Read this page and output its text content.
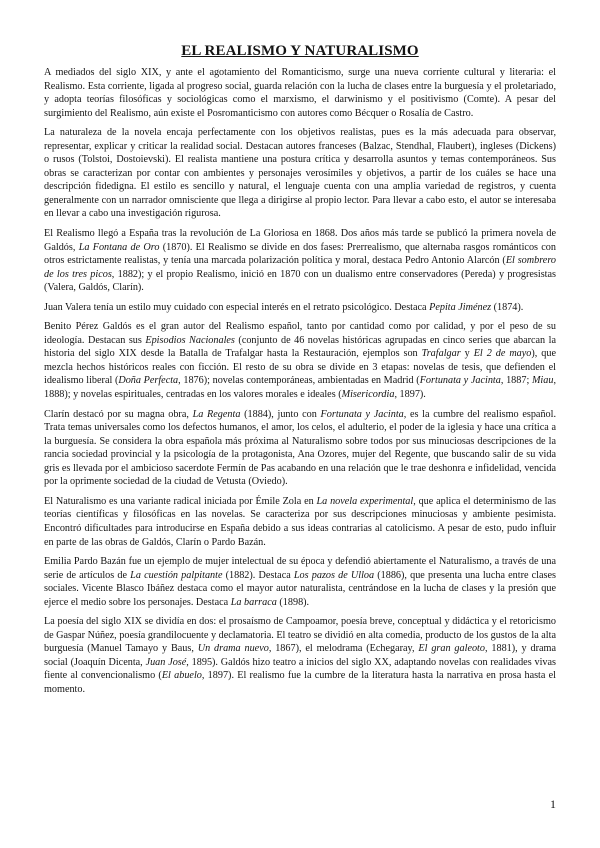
EL REALISMO Y NATURALISMO

A mediados del siglo XIX, y ante el agotamiento del Romanticismo, surge una nueva corriente cultural y literaria: el Realismo. Esta corriente, ligada al progreso social, guarda relación con la lucha de clases entre la burguesía y el proletariado, y adopta teorías filosóficas y sociológicas como el marxismo, el darwinismo y el positivismo (Comte). A pesar del surgimiento del Realismo, aún existe el Posromanticismo con autores como Bécquer o Rosalía de Castro.

La naturaleza de la novela encaja perfectamente con los objetivos realistas, pues es la más adecuada para observar, representar, explicar y criticar la realidad social. Destacan autores franceses (Balzac, Stendhal, Flaubert), ingleses (Dickens) o rusos (Tolstoi, Dostoievski). El realista mantiene una postura crítica y desarrolla asuntos y temas contemporáneos. Sus obras se caracterizan por contar con ambientes y personajes verosímiles y objetivos, a partir de los cuáles se hace una descripción fidedigna. El estilo es sencillo y natural, el lenguaje cuenta con una amplia variedad de registros, y cuenta generalmente con un narrador omnisciente que llega a dirigirse al propio lector. Para llevar a cabo esto, el autor se interesaba en llevar a cabo una investigación rigurosa.

El Realismo llegó a España tras la revolución de La Gloriosa en 1868. Dos años más tarde se publicó la primera novela de Galdós, La Fontana de Oro (1870). El Realismo se divide en dos fases: Prerrealismo, que alternaba rasgos románticos con otros estrictamente realistas, y tenía una marcada polarización política y moral, destaca Pedro Antonio Alarcón (El sombrero de los tres picos, 1882); y el propio Realismo, inició en 1870 con un dualismo entre conservadores (Pereda) y progresistas (Valera, Galdós, Clarín).

Juan Valera tenía un estilo muy cuidado con especial interés en el retrato psicológico. Destaca Pepita Jiménez (1874).

Benito Pérez Galdós es el gran autor del Realismo español, tanto por cantidad como por calidad, y por el peso de su ideología. Destacan sus Episodios Nacionales (conjunto de 46 novelas históricas agrupadas en cinco series que abarcan la historia del siglo XIX desde la Batalla de Trafalgar hasta la Restauración, ejemplos son Trafalgar y El 2 de mayo), que mezcla hechos históricos reales con ficción. El resto de su obra se divide en 3 etapas: novelas de tesis, que defienden el idealismo liberal (Doña Perfecta, 1876); novelas contemporáneas, ambientadas en Madrid (Fortunata y Jacinta, 1887; Miau, 1888); y novelas espirituales, centradas en los valores morales e ideales (Misericordia, 1897).

Clarín destacó por su magna obra, La Regenta (1884), junto con Fortunata y Jacinta, es la cumbre del realismo español. Trata temas universales como los defectos humanos, el amor, los celos, el adulterio, el poder de la iglesia y hace una crítica a la burguesía. Se considera la obra española más próxima al Naturalismo sobre todos por sus minuciosas descripciones de la rancia sociedad provincial y la psicología de la protagonista, Ana Ozores, mujer del Regente, que buscando salir de su vida gris es llevada por el ambicioso sacerdote Fermín de Pas acabando en una relación que le trae deshonra e infidelidad, vencida por la oprimente sociedad de la ciudad de Vetusta (Oviedo).

El Naturalismo es una variante radical iniciada por Émile Zola en La novela experimental, que aplica el determinismo de las teorías científicas y filosóficas en las novelas. Se caracteriza por sus descripciones minuciosas y ambiente pesimista. Encontró dificultades para introducirse en España debido a sus ideas contrarias al catolicismo. A pesar de esto, pudo influir en parte de las obras de Galdós, Clarín o Pardo Bazán.

Emilia Pardo Bazán fue un ejemplo de mujer intelectual de su época y defendió abiertamente el Naturalismo, a través de una serie de artículos de La cuestión palpitante (1882). Destaca Los pazos de Ulloa (1886), que presenta una lucha entre clases sociales. Vicente Blasco Ibáñez destaca como el mayor autor naturalista, centrándose en la lucha de clases y la presión que ejerce el medio sobre los personajes. Destaca La barraca (1898).

La poesía del siglo XIX se dividía en dos: el prosaísmo de Campoamor, poesía breve, conceptual y didáctica y el retoricismo de Gaspar Núñez, poesía grandilocuente y declamatoria. El teatro se dividió en alta comedia, producto de los gustos de la alta burguesía (Manuel Tamayo y Baus, Un drama nuevo, 1867), el melodrama (Echegaray, El gran galeoto, 1881), y drama social (Joaquín Dicenta, Juan José, 1895). Galdós hizo teatro a inicios del siglo XX, adaptando novelas con realidades vivas fiente al convencionalismo (El abuelo, 1897). El realismo fue la cumbre de la literatura hasta la narrativa en prosa hasta el momento.

1
